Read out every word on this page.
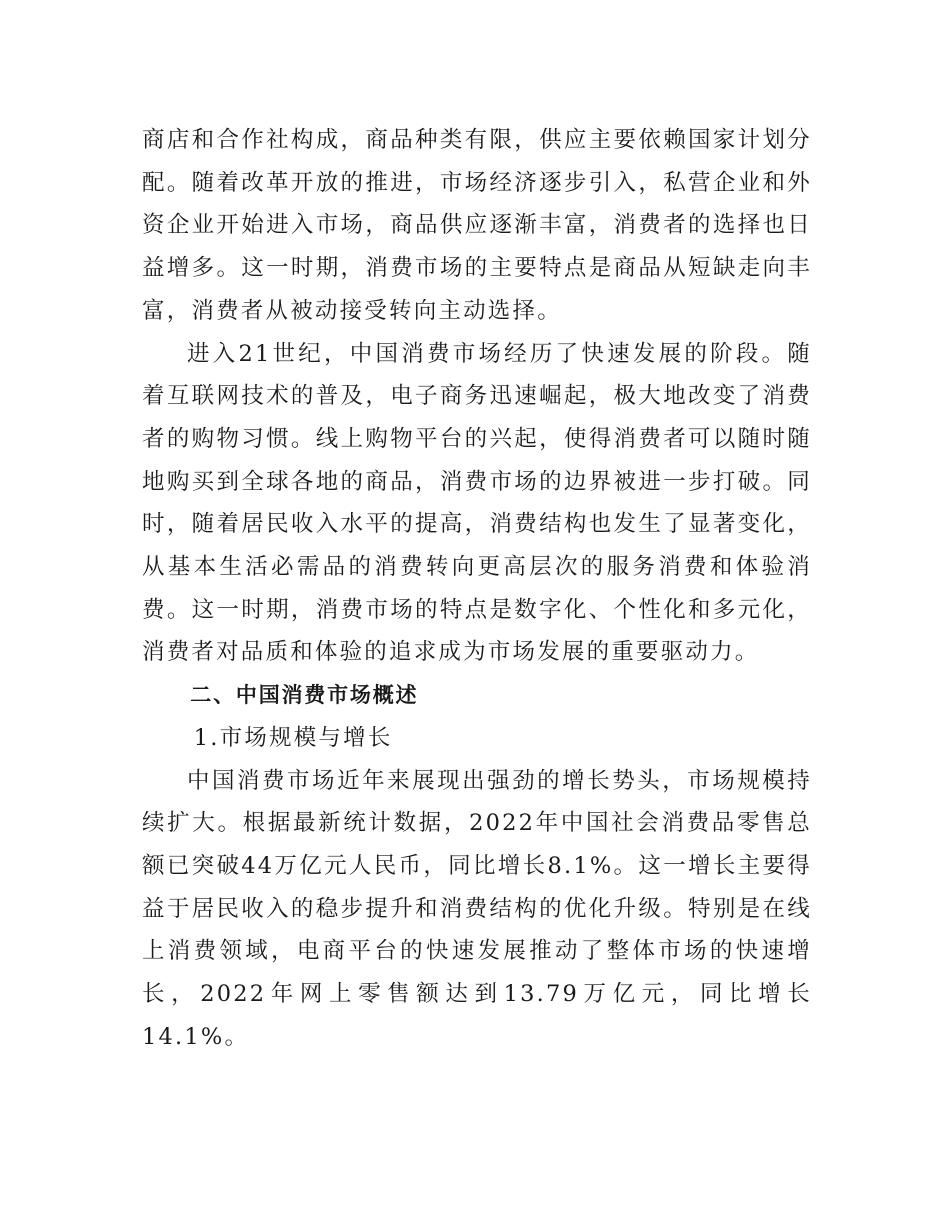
商店和合作社构成，商品种类有限，供应主要依赖国家计划分配。随着改革开放的推进，市场经济逐步引入，私营企业和外资企业开始进入市场，商品供应逐渐丰富，消费者的选择也日益增多。这一时期，消费市场的主要特点是商品从短缺走向丰富，消费者从被动接受转向主动选择。

进入21世纪，中国消费市场经历了快速发展的阶段。随着互联网技术的普及，电子商务迅速崛起，极大地改变了消费者的购物习惯。线上购物平台的兴起，使得消费者可以随时随地购买到全球各地的商品，消费市场的边界被进一步打破。同时，随着居民收入水平的提高，消费结构也发生了显著变化，从基本生活必需品的消费转向更高层次的服务消费和体验消费。这一时期，消费市场的特点是数字化、个性化和多元化，消费者对品质和体验的追求成为市场发展的重要驱动力。

二、中国消费市场概述

1.市场规模与增长

中国消费市场近年来展现出强劲的增长势头，市场规模持续扩大。根据最新统计数据，2022年中国社会消费品零售总额已突破44万亿元人民币，同比增长8.1%。这一增长主要得益于居民收入的稳步提升和消费结构的优化升级。特别是在线上消费领域，电商平台的快速发展推动了整体市场的快速增长，2022年网上零售额达到13.79万亿元，同比增长14.1%。
